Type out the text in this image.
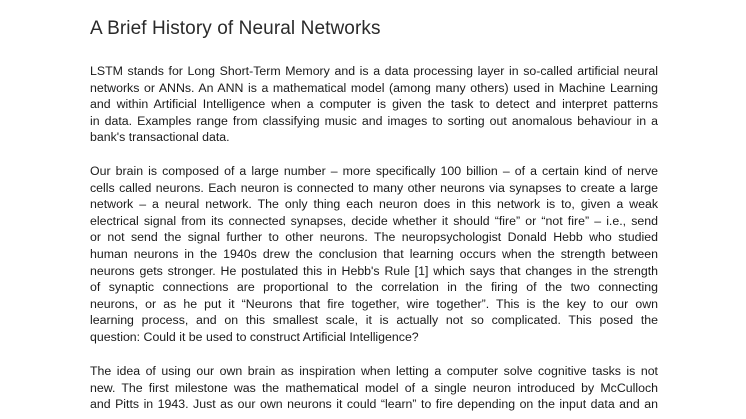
A Brief History of Neural Networks

LSTM stands for Long Short-Term Memory and is a data processing layer in so-called artificial neural
networks or ANNs. An ANN is a mathematical model (among many others) used in Machine Learning
and within Artificial Intelligence when a computer is given the task to detect and interpret patterns
in data. Examples range from classifying music and images to sorting out anomalous behaviour in a
bank's transactional data.

Our brain is composed of a large number – more specifically 100 billion – of a certain kind of nerve
cells called neurons. Each neuron is connected to many other neurons via synapses to create a large
network – a neural network. The only thing each neuron does in this network is to, given a weak
electrical signal from its connected synapses, decide whether it should “fire” or “not fire” – i.e., send
or not send the signal further to other neurons. The neuropsychologist Donald Hebb who studied
human neurons in the 1940s drew the conclusion that learning occurs when the strength between
neurons gets stronger. He postulated this in Hebb's Rule [1] which says that changes in the strength
of synaptic connections are proportional to the correlation in the firing of the two connecting
neurons, or as he put it “Neurons that fire together, wire together”. This is the key to our own
learning process, and on this smallest scale, it is actually not so complicated. This posed the
question: Could it be used to construct Artificial Intelligence?

The idea of using our own brain as inspiration when letting a computer solve cognitive tasks is not
new. The first milestone was the mathematical model of a single neuron introduced by McCulloch
and Pitts in 1943. Just as our own neurons it could “learn” to fire depending on the input data and an
